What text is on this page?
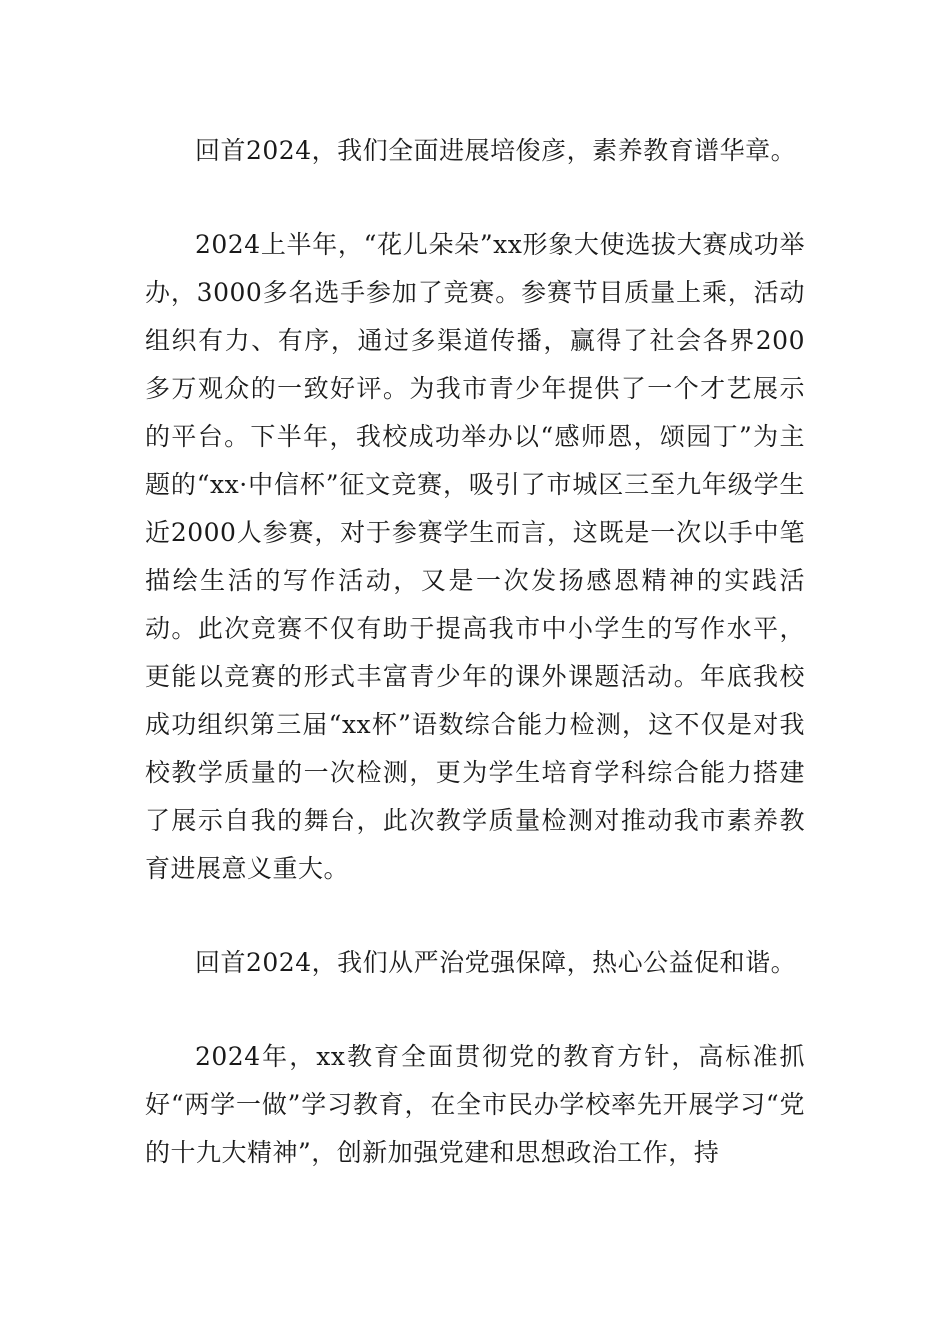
回首2024，我们全面进展培俊彦，素养教育谱华章。

2024上半年，“花儿朵朵”xx形象大使选拔大赛成功举办，3000多名选手参加了竞赛。参赛节目质量上乘，活动组织有力、有序，通过多渠道传播，赢得了社会各界200多万观众的一致好评。为我市青少年提供了一个才艺展示的平台。下半年，我校成功举办以“感师恩，颂园丁”为主题的“xx·中信杯”征文竞赛，吸引了市城区三至九年级学生近2000人参赛，对于参赛学生而言，这既是一次以手中笔描绘生活的写作活动，又是一次发扬感恩精神的实践活动。此次竞赛不仅有助于提高我市中小学生的写作水平，更能以竞赛的形式丰富青少年的课外课题活动。年底我校成功组织第三届“xx杯”语数综合能力检测，这不仅是对我校教学质量的一次检测，更为学生培育学科综合能力搭建了展示自我的舞台，此次教学质量检测对推动我市素养教育进展意义重大。

回首2024，我们从严治党强保障，热心公益促和谐。

2024年，xx教育全面贯彻党的教育方针，高标准抓好“两学一做”学习教育，在全市民办学校率先开展学习“党的十九大精神”，创新加强党建和思想政治工作，持
